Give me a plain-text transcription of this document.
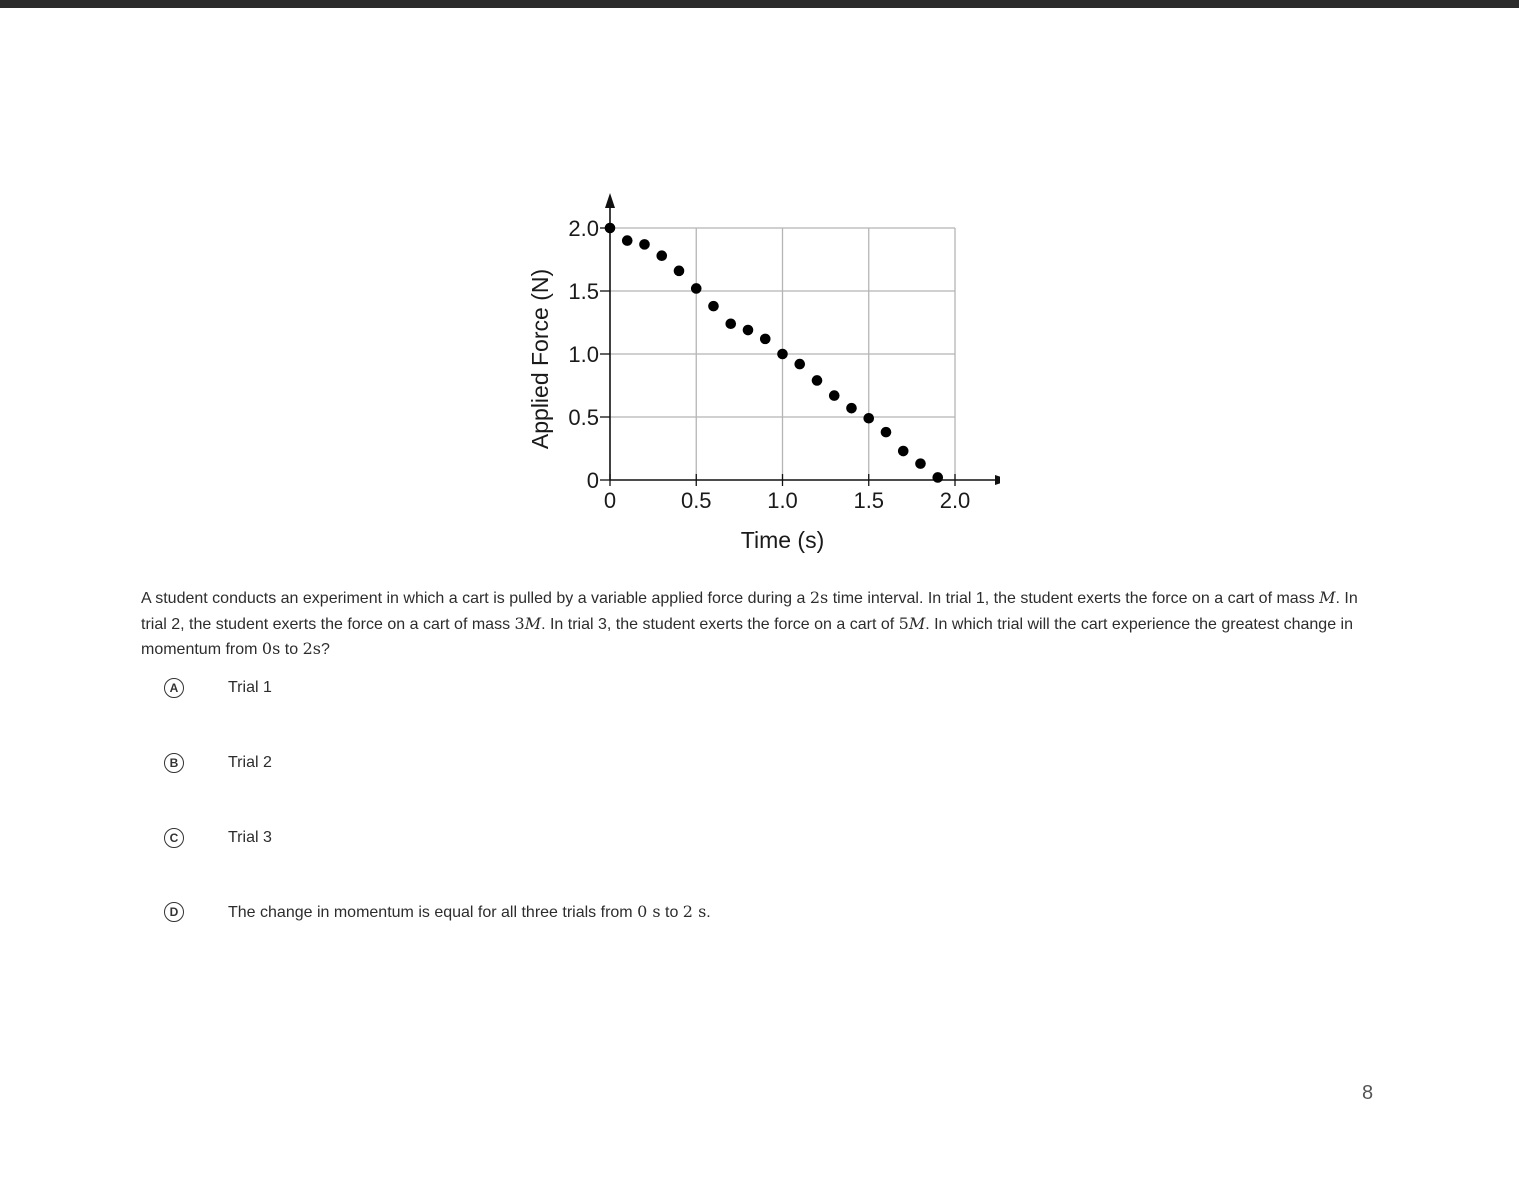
0	0.5	1.0	1.5	2.0
0
0.5
1.0
1.5
2.0
Time (s)
Applied Force (N)
A student conducts an experiment in which a cart is pulled by a variable applied force during a 2s time interval. In trial 1, the student exerts the force on a cart of mass M. In trial 2, the student exerts the force on a cart of mass 3M. In trial 3, the student exerts the force on a cart of 5M. In which trial will the cart experience the greatest change in momentum from 0s to 2s?
A	Trial 1
B	Trial 2
C	Trial 3
D	The change in momentum is equal for all three trials from 0 s to 2 s.
8
